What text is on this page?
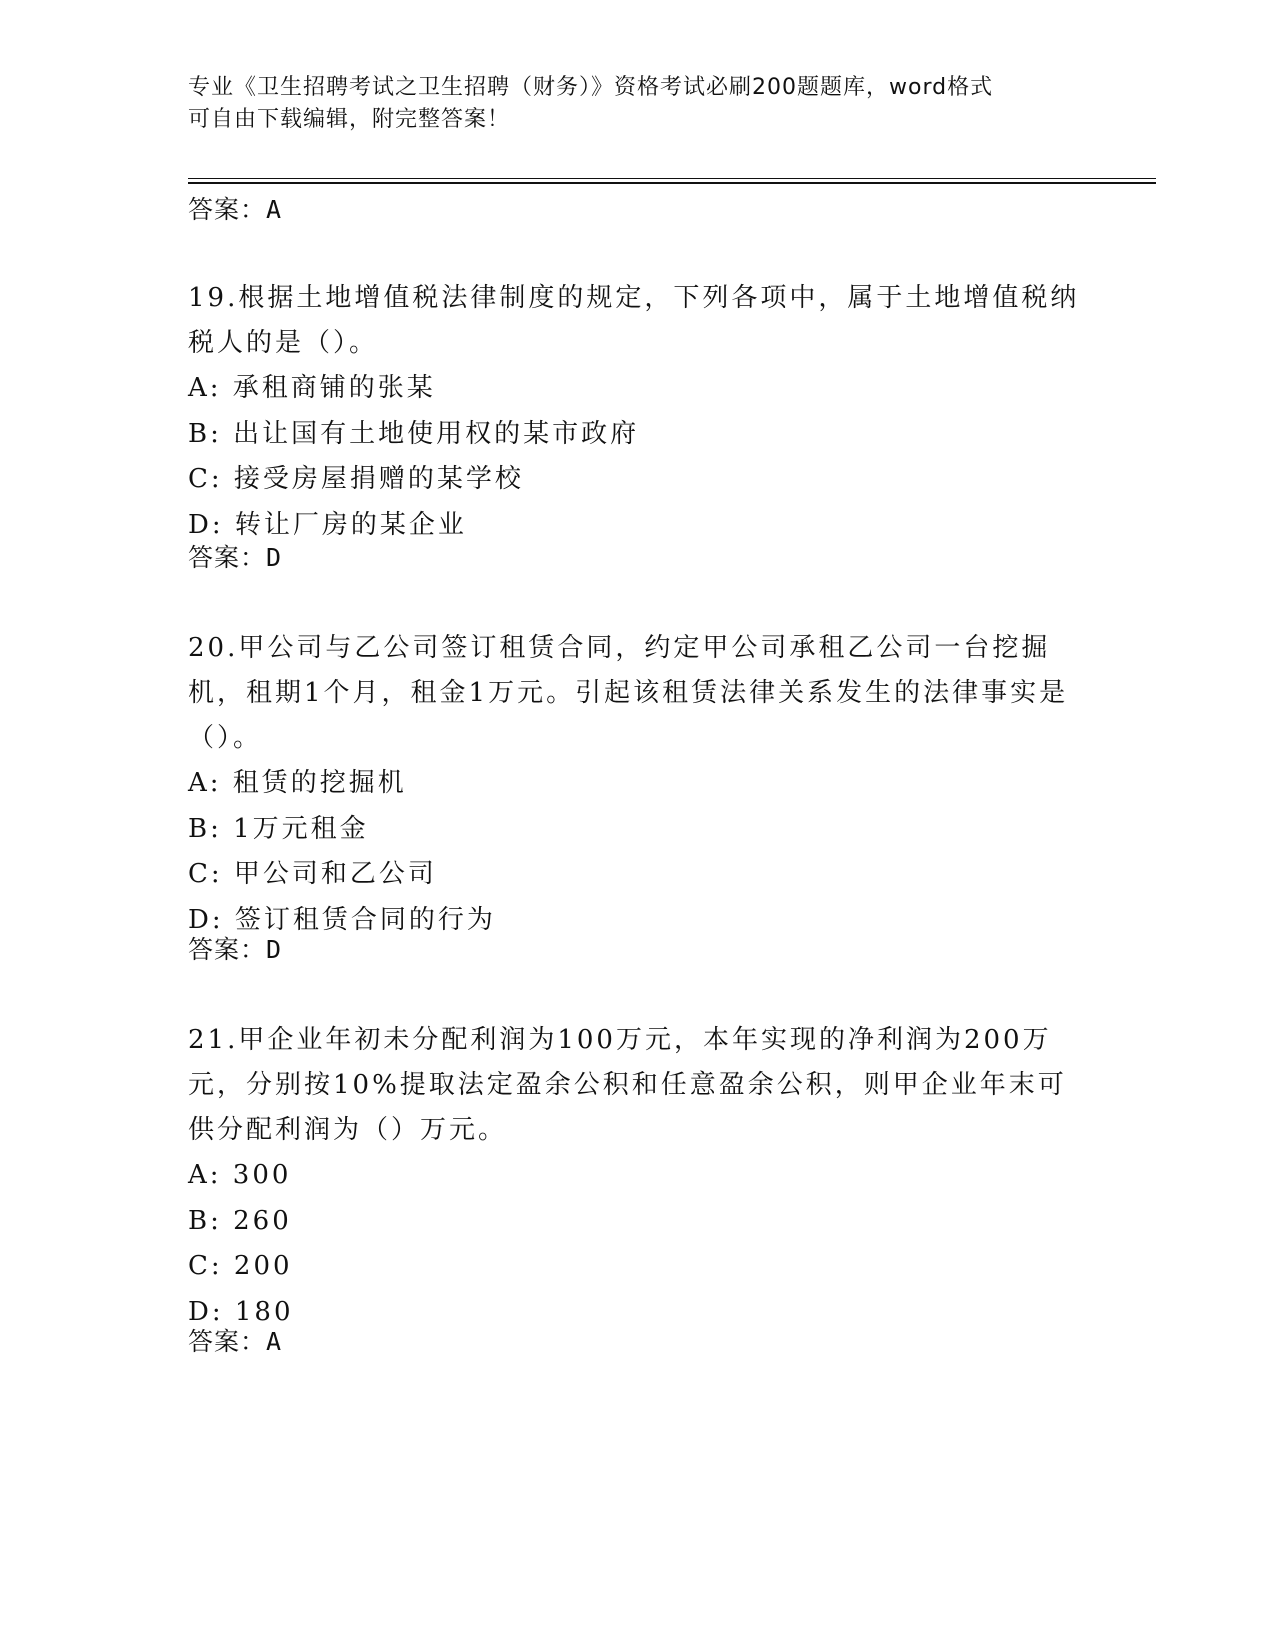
专业《卫生招聘考试之卫生招聘（财务）》资格考试必刷200题题库，word格式
可自由下载编辑，附完整答案！
答案：A

19.根据土地增值税法律制度的规定，下列各项中，属于土地增值税纳税人的是（）。

A: 承租商铺的张某
B: 出让国有土地使用权的某市政府
C: 接受房屋捐赠的某学校
D: 转让厂房的某企业
答案：D

20.甲公司与乙公司签订租赁合同，约定甲公司承租乙公司一台挖掘机，租期1个月，租金1万元。引起该租赁法律关系发生的法律事实是（）。

A: 租赁的挖掘机
B: 1万元租金
C: 甲公司和乙公司
D: 签订租赁合同的行为
答案：D

21.甲企业年初未分配利润为100万元，本年实现的净利润为200万元，分别按10%提取法定盈余公积和任意盈余公积，则甲企业年末可供分配利润为（）万元。

A: 300
B: 260
C: 200
D: 180
答案：A
